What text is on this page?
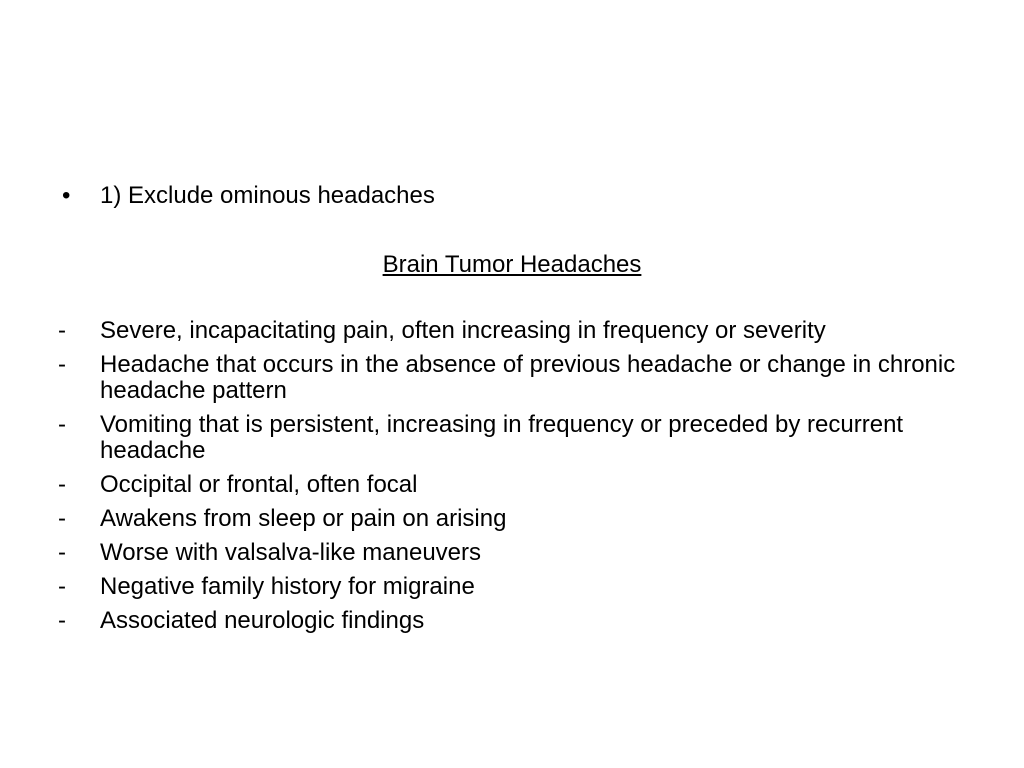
• 1) Exclude ominous headaches
Brain Tumor Headaches
- Severe, incapacitating pain, often increasing in frequency or severity
- Headache that occurs in the absence of previous headache or change in chronic headache pattern
- Vomiting that is persistent, increasing in frequency or preceded by recurrent headache
- Occipital or frontal, often focal
- Awakens from sleep or pain on arising
- Worse with valsalva-like maneuvers
- Negative family history for migraine
- Associated neurologic findings
